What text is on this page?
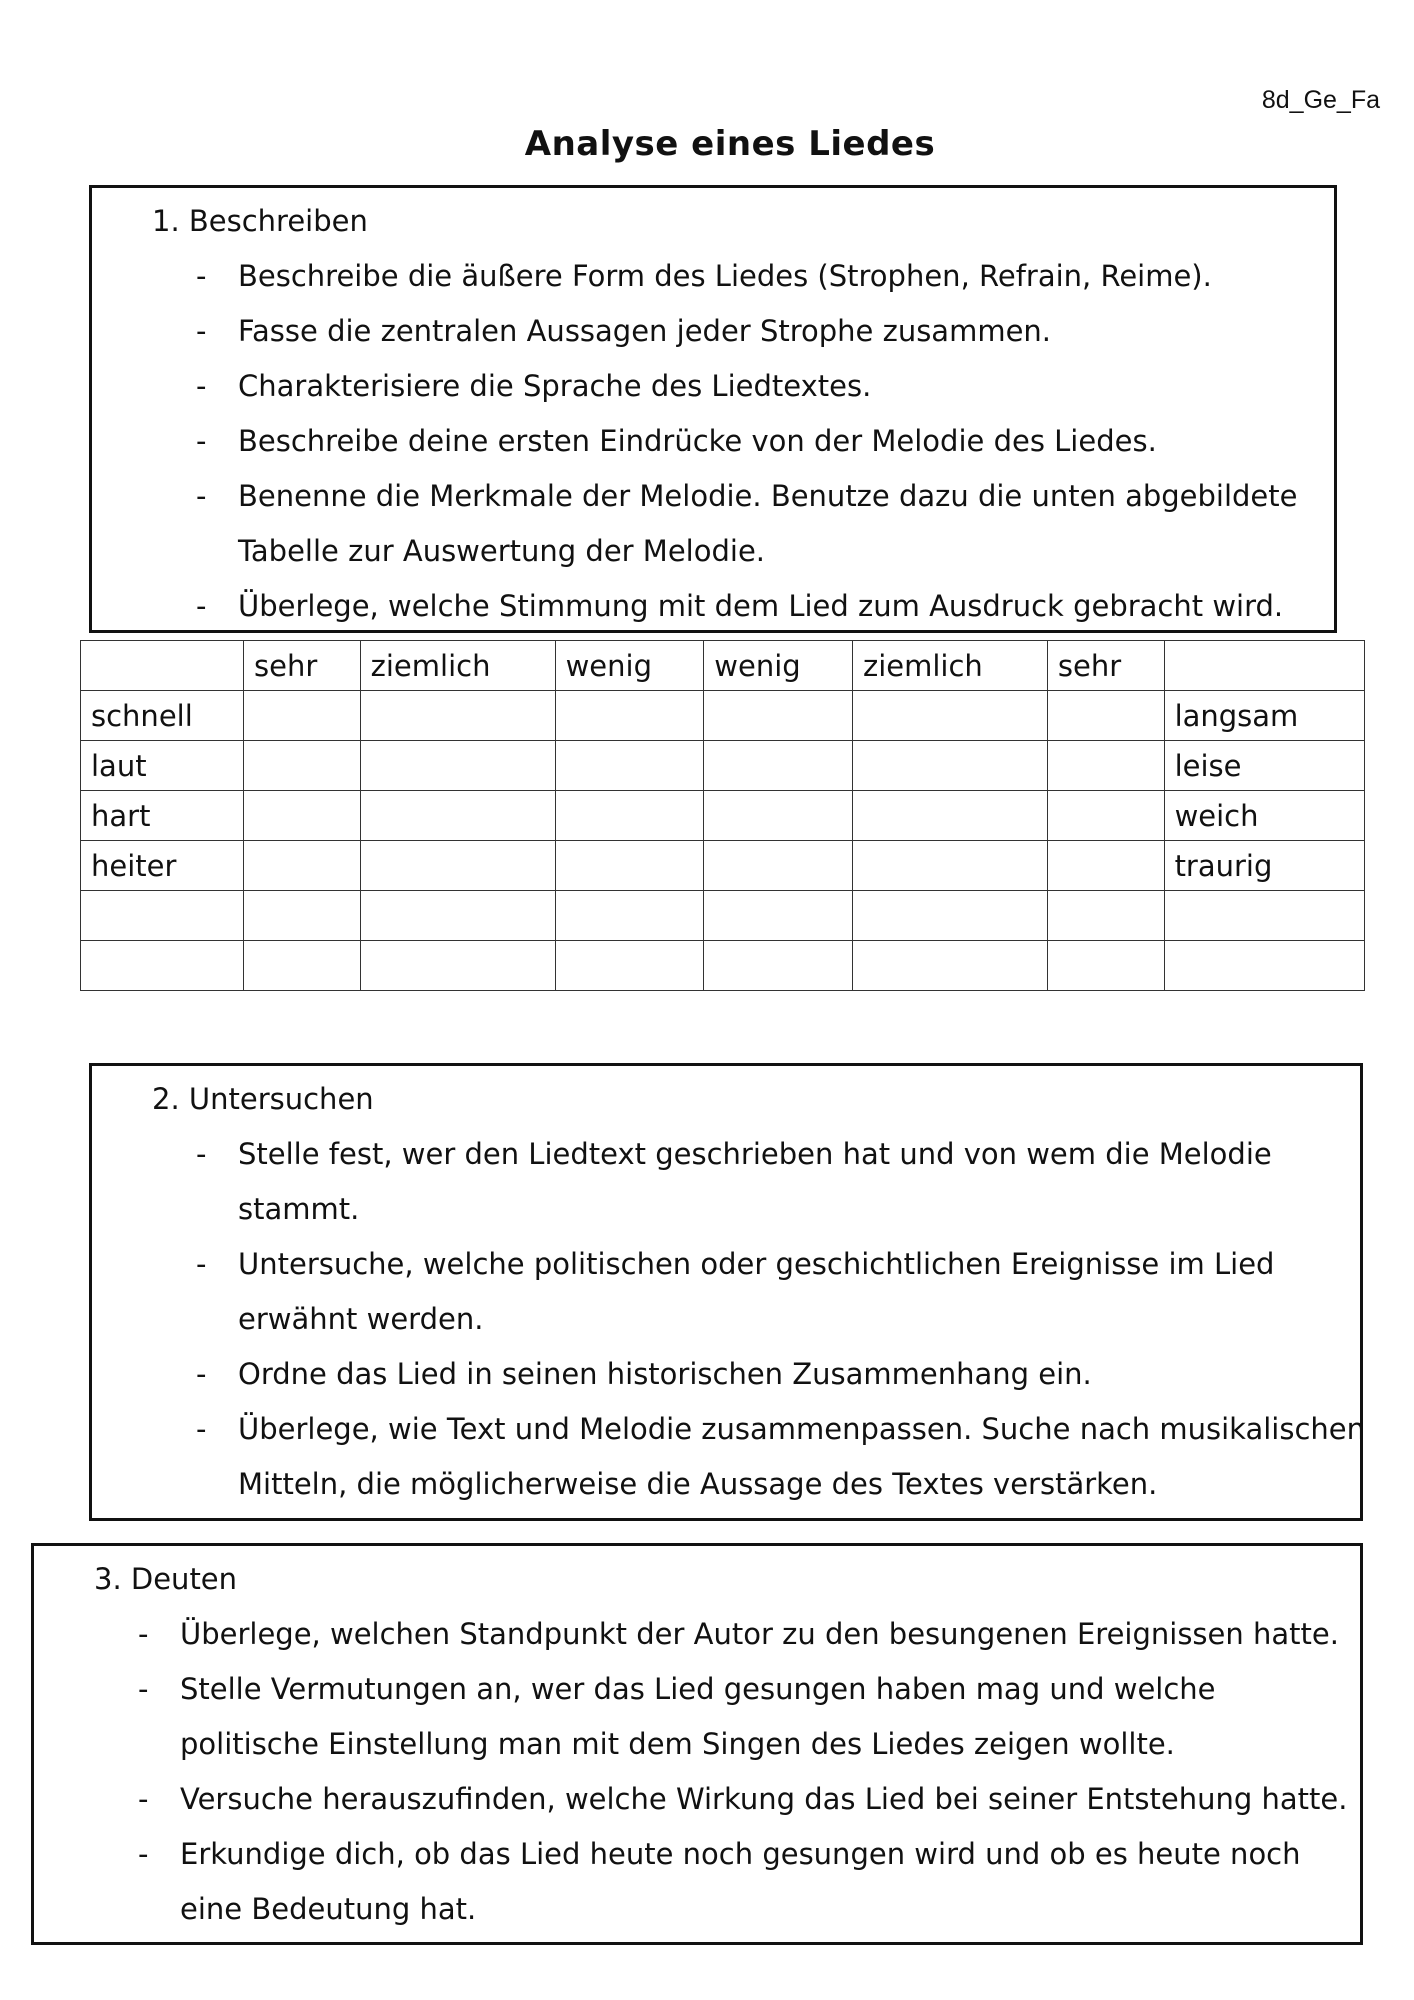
8d_Ge_Fa
Analyse eines Liedes
1. Beschreiben
- Beschreibe die äußere Form des Liedes (Strophen, Refrain, Reime).
- Fasse die zentralen Aussagen jeder Strophe zusammen.
- Charakterisiere die Sprache des Liedtextes.
- Beschreibe deine ersten Eindrücke von der Melodie des Liedes.
- Benenne die Merkmale der Melodie. Benutze dazu die unten abgebildete
Tabelle zur Auswertung der Melodie.
- Überlege, welche Stimmung mit dem Lied zum Ausdruck gebracht wird.
	sehr	ziemlich	wenig	wenig	ziemlich	sehr	
schnell							langsam
laut							leise
hart							weich
heiter							traurig

2. Untersuchen
- Stelle fest, wer den Liedtext geschrieben hat und von wem die Melodie
stammt.
- Untersuche, welche politischen oder geschichtlichen Ereignisse im Lied
erwähnt werden.
- Ordne das Lied in seinen historischen Zusammenhang ein.
- Überlege, wie Text und Melodie zusammenpassen. Suche nach musikalischen
Mitteln, die möglicherweise die Aussage des Textes verstärken.
3. Deuten
- Überlege, welchen Standpunkt der Autor zu den besungenen Ereignissen hatte.
- Stelle Vermutungen an, wer das Lied gesungen haben mag und welche
politische Einstellung man mit dem Singen des Liedes zeigen wollte.
- Versuche herauszufinden, welche Wirkung das Lied bei seiner Entstehung hatte.
- Erkundige dich, ob das Lied heute noch gesungen wird und ob es heute noch
eine Bedeutung hat.
